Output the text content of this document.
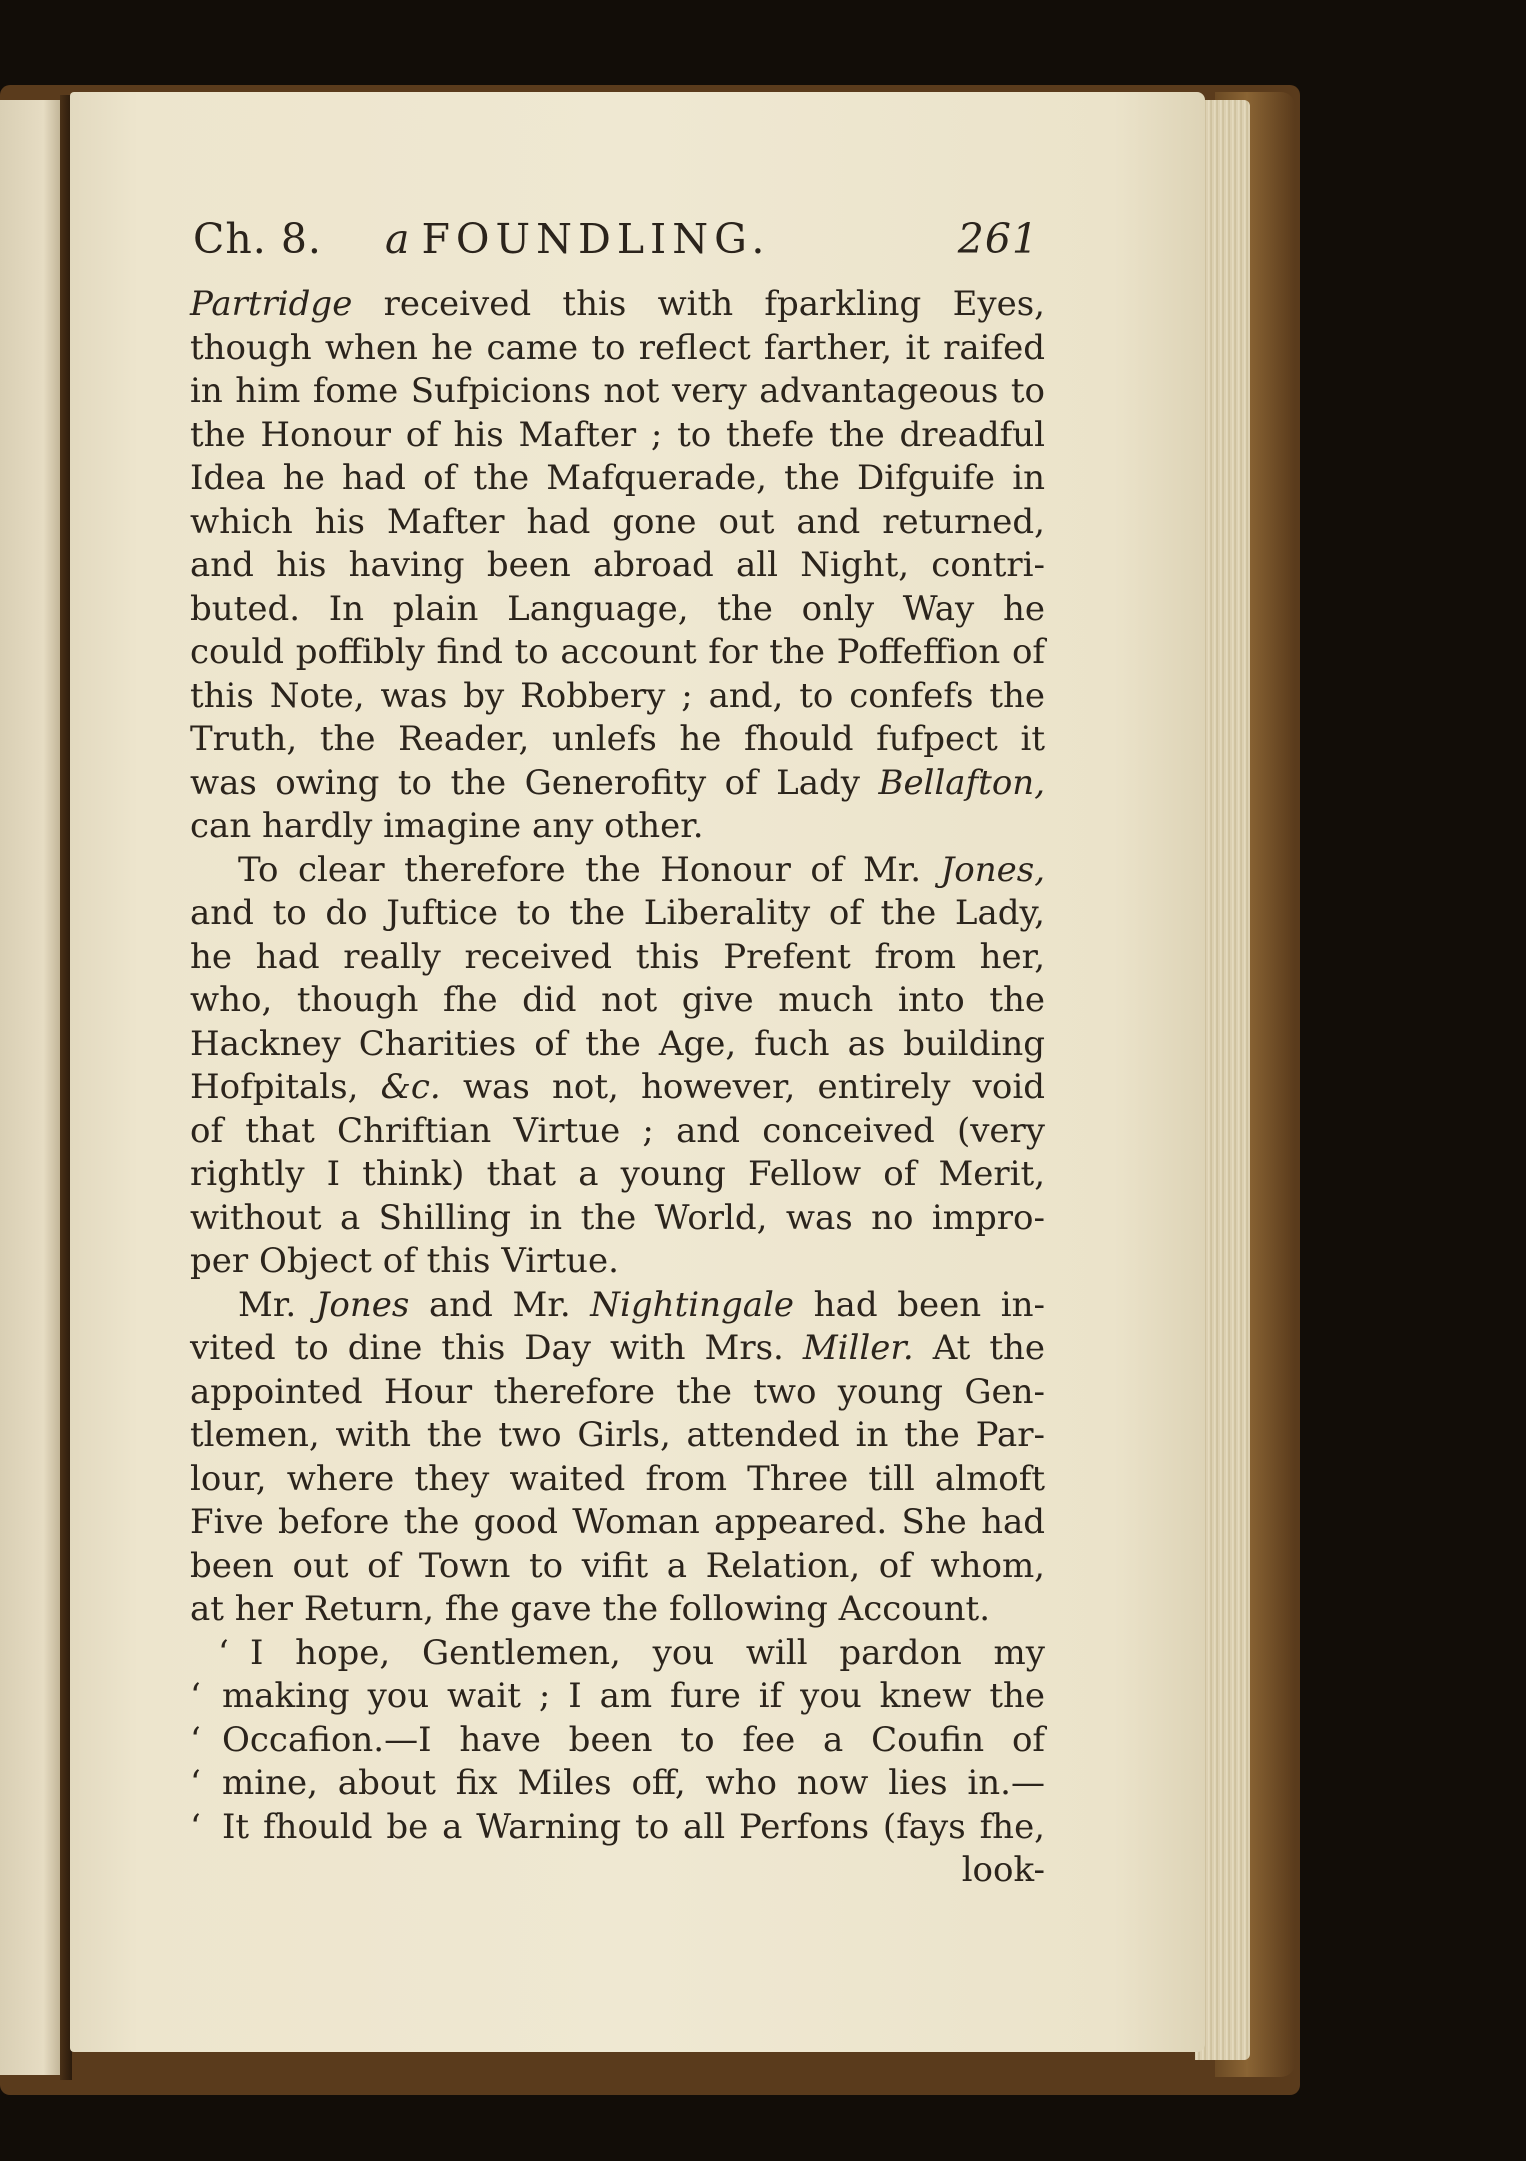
Ch. 8. a FOUNDLING.	261
Partridge received this with fparkling Eyes,
though when he came to reflect farther, it raifed
in him fome Sufpicions not very advantageous to
the Honour of his Mafter ; to thefe the dreadful
Idea he had of the Mafquerade, the Difguife in
which his Mafter had gone out and returned,
and his having been abroad all Night, contri-
buted. In plain Language, the only Way he
could poffibly find to account for the Poffeffion of
this Note, was by Robbery ; and, to confefs the
Truth, the Reader, unlefs he fhould fufpect it
was owing to the Generofity of Lady Bellafton,
can hardly imagine any other.
To clear therefore the Honour of Mr. Jones,
and to do Juftice to the Liberality of the Lady,
he had really received this Prefent from her,
who, though fhe did not give much into the
Hackney Charities of the Age, fuch as building
Hofpitals, &c. was not, however, entirely void
of that Chriftian Virtue ; and conceived (very
rightly I think) that a young Fellow of Merit,
without a Shilling in the World, was no impro-
per Object of this Virtue.
Mr. Jones and Mr. Nightingale had been in-
vited to dine this Day with Mrs. Miller. At the
appointed Hour therefore the two young Gen-
tlemen, with the two Girls, attended in the Par-
lour, where they waited from Three till almoft
Five before the good Woman appeared. She had
been out of Town to vifit a Relation, of whom,
at her Return, fhe gave the following Account.
‘ I hope, Gentlemen, you will pardon my
‘ making you wait ; I am fure if you knew the
‘ Occafion.—I have been to fee a Coufin of
‘ mine, about fix Miles off, who now lies in.—
‘ It fhould be a Warning to all Perfons (fays fhe,
look-
